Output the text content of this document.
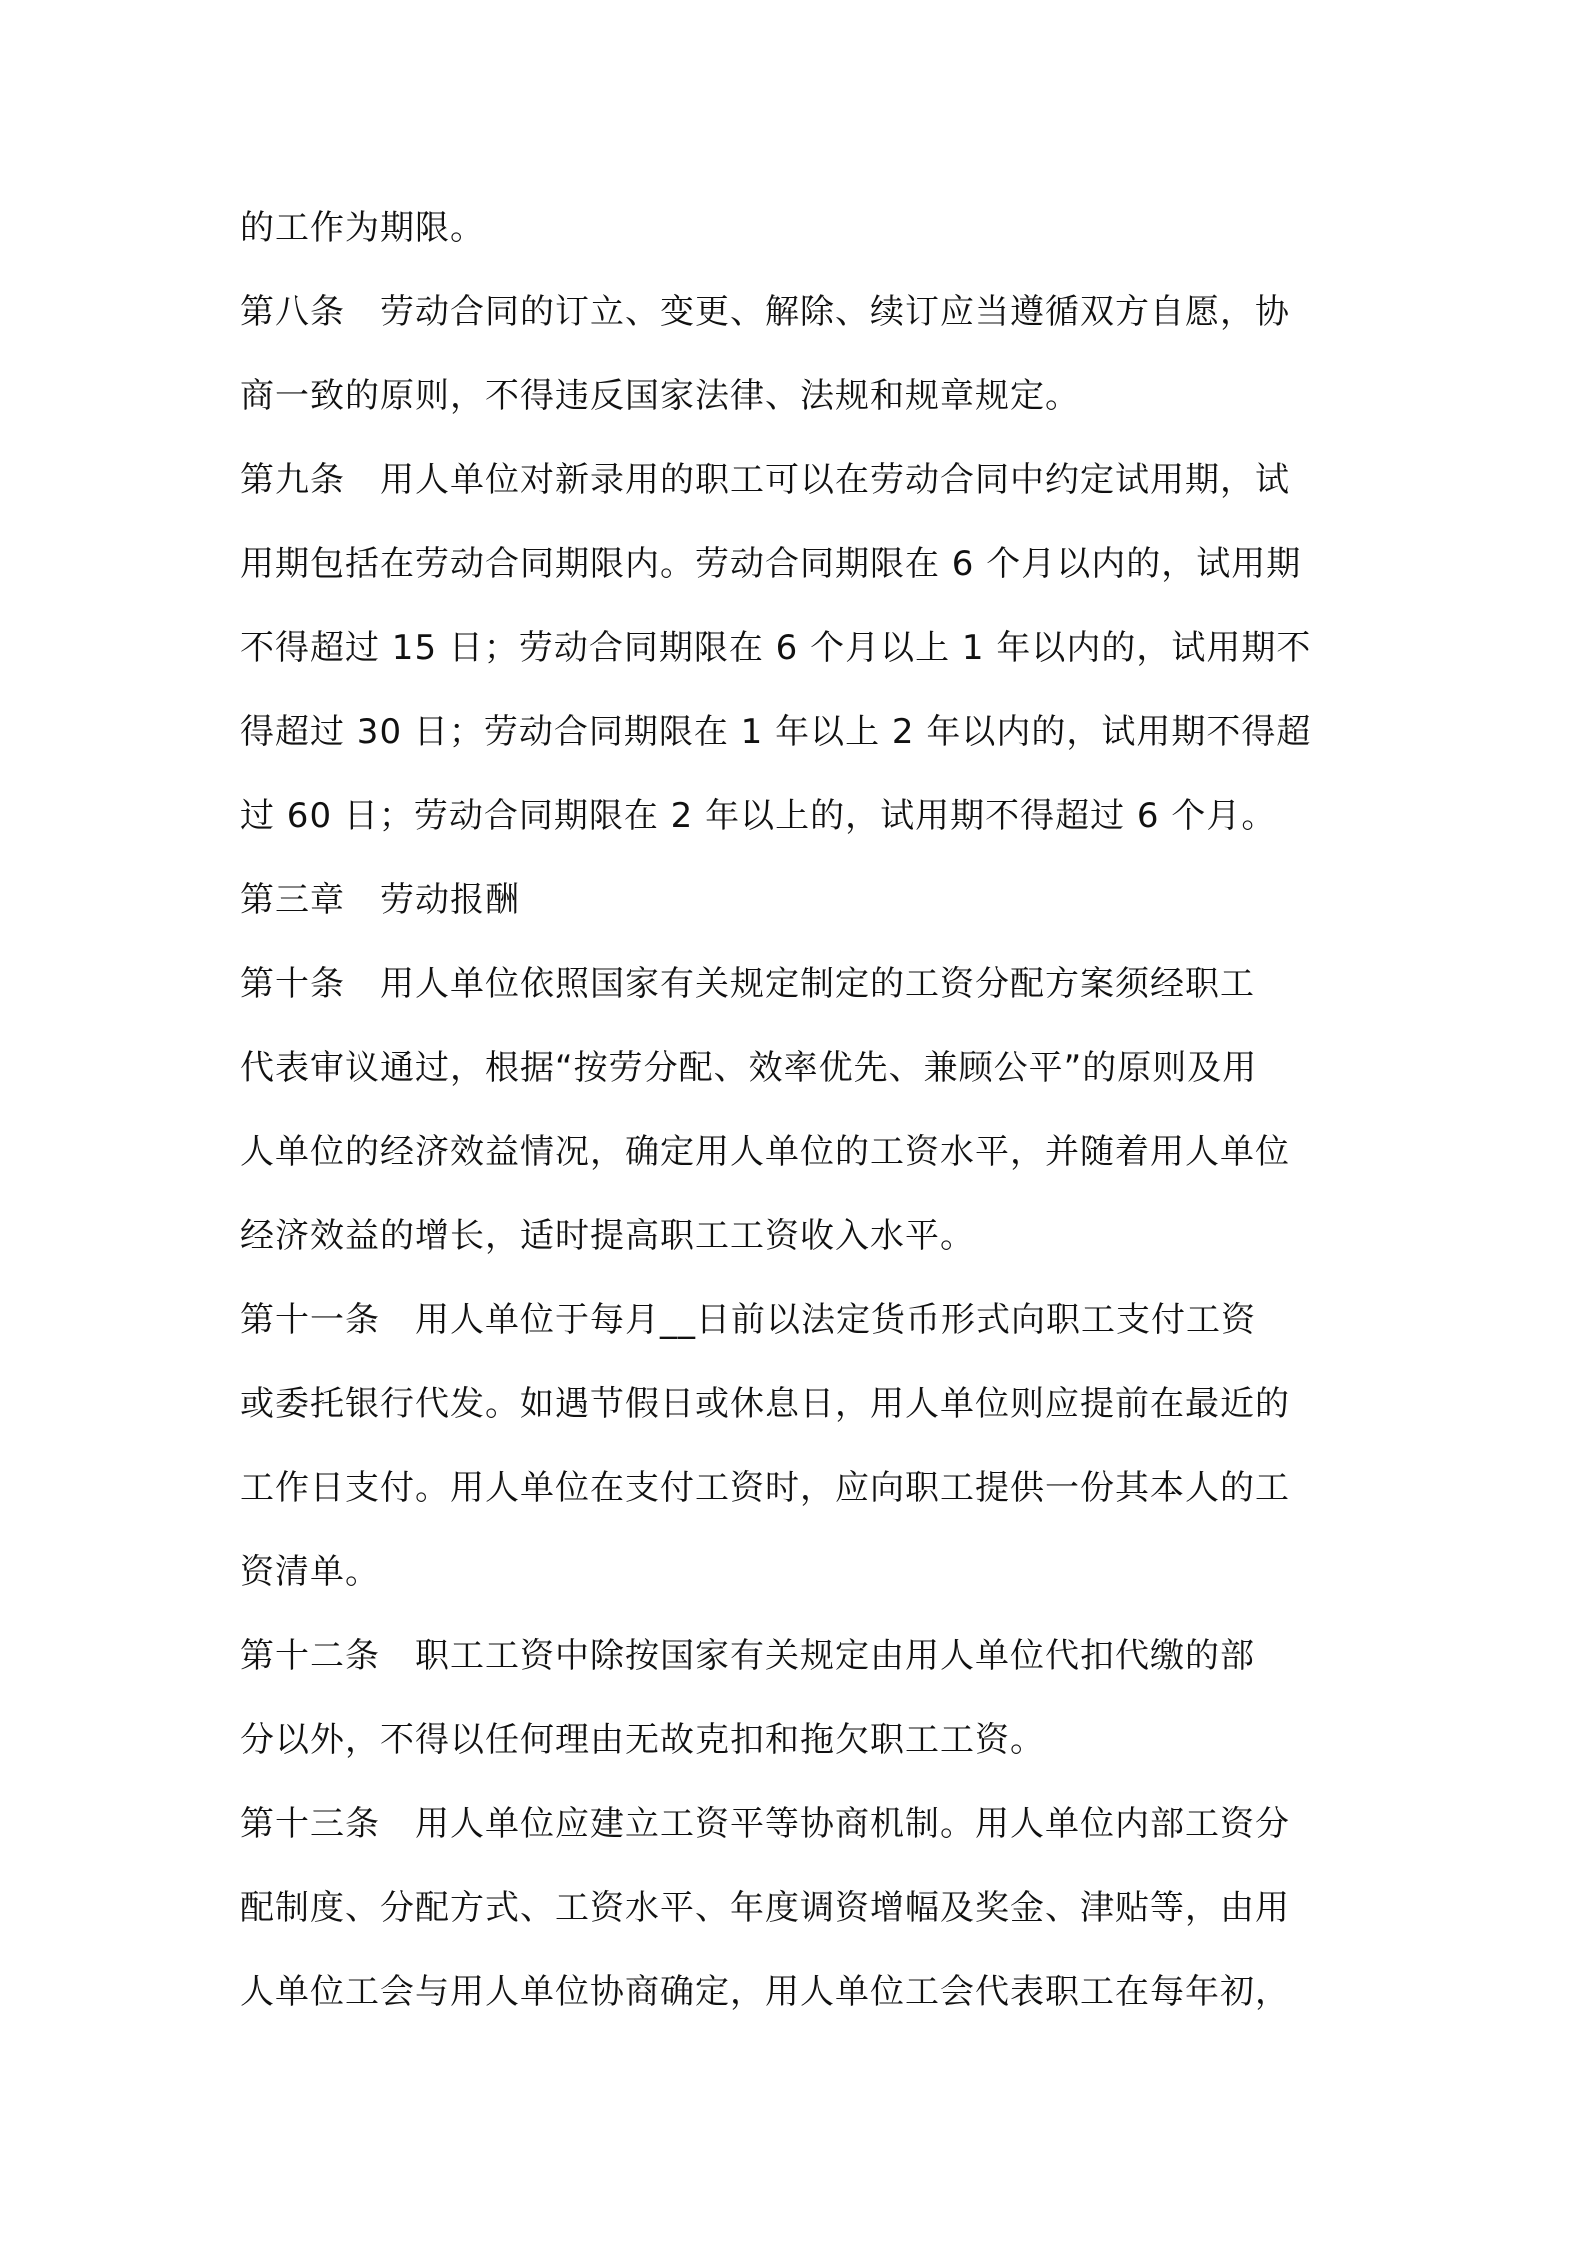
的工作为期限。
第八条　劳动合同的订立、变更、解除、续订应当遵循双方自愿，协
商一致的原则，不得违反国家法律、法规和规章规定。
第九条　用人单位对新录用的职工可以在劳动合同中约定试用期，试
用期包括在劳动合同期限内。劳动合同期限在 6 个月以内的，试用期
不得超过 15 日；劳动合同期限在 6 个月以上 1 年以内的，试用期不
得超过 30 日；劳动合同期限在 1 年以上 2 年以内的，试用期不得超
过 60 日；劳动合同期限在 2 年以上的，试用期不得超过 6 个月。
第三章　劳动报酬
第十条　用人单位依照国家有关规定制定的工资分配方案须经职工
代表审议通过，根据“按劳分配、效率优先、兼顾公平”的原则及用
人单位的经济效益情况，确定用人单位的工资水平，并随着用人单位
经济效益的增长，适时提高职工工资收入水平。
第十一条　用人单位于每月__日前以法定货币形式向职工支付工资
或委托银行代发。如遇节假日或休息日，用人单位则应提前在最近的
工作日支付。用人单位在支付工资时，应向职工提供一份其本人的工
资清单。
第十二条　职工工资中除按国家有关规定由用人单位代扣代缴的部
分以外，不得以任何理由无故克扣和拖欠职工工资。
第十三条　用人单位应建立工资平等协商机制。用人单位内部工资分
配制度、分配方式、工资水平、年度调资增幅及奖金、津贴等，由用
人单位工会与用人单位协商确定，用人单位工会代表职工在每年初，
